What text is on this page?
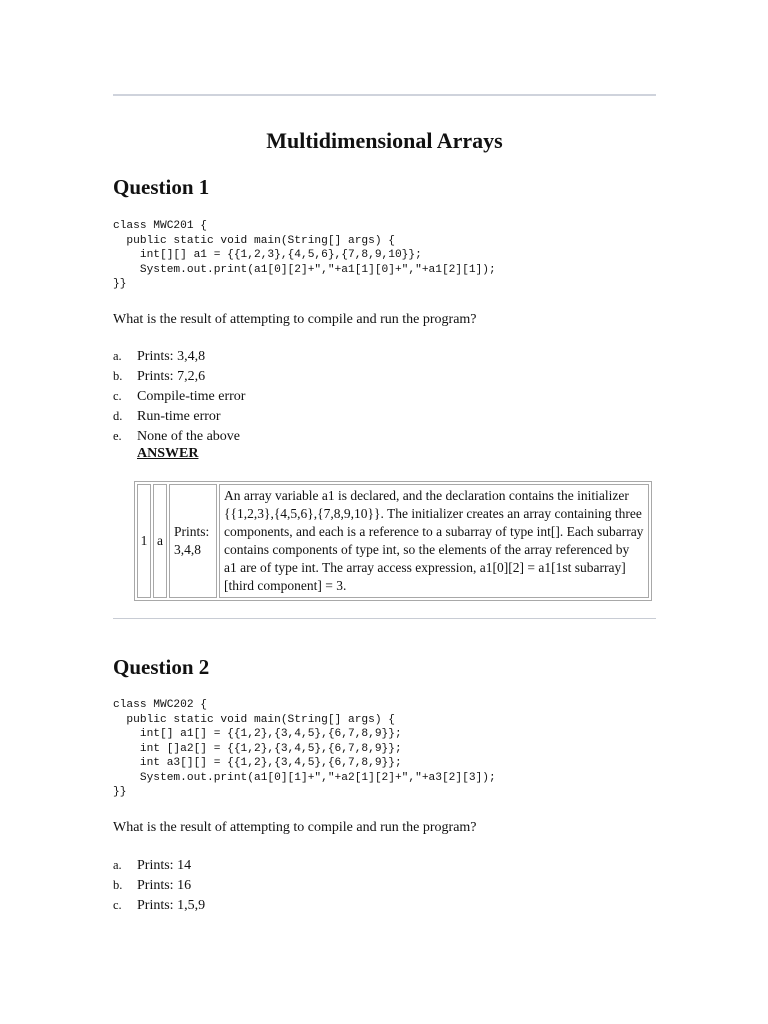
Multidimensional Arrays
Question 1
class MWC201 {
public static void main(String[] args) {
int[][] a1 = {{1,2,3},{4,5,6},{7,8,9,10}};
System.out.print(a1[0][2]+","+a1[1][0]+","+a1[2][1]);
}}
What is the result of attempting to compile and run the program?
a. Prints: 3,4,8
b. Prints: 7,2,6
c. Compile-time error
d. Run-time error
e. None of the above
ANSWER
1	a	Prints: 3,4,8	An array variable a1 is declared, and the declaration contains the initializer {{1,2,3},{4,5,6},{7,8,9,10}}. The initializer creates an array containing three components, and each is a reference to a subarray of type int[]. Each subarray contains components of type int, so the elements of the array referenced by a1 are of type int. The array access expression, a1[0][2] = a1[1st subarray][third component] = 3.
Question 2
class MWC202 {
public static void main(String[] args) {
int[] a1[] = {{1,2},{3,4,5},{6,7,8,9}};
int []a2[] = {{1,2},{3,4,5},{6,7,8,9}};
int a3[][] = {{1,2},{3,4,5},{6,7,8,9}};
System.out.print(a1[0][1]+","+a2[1][2]+","+a3[2][3]);
}}
What is the result of attempting to compile and run the program?
a. Prints: 14
b. Prints: 16
c. Prints: 1,5,9
